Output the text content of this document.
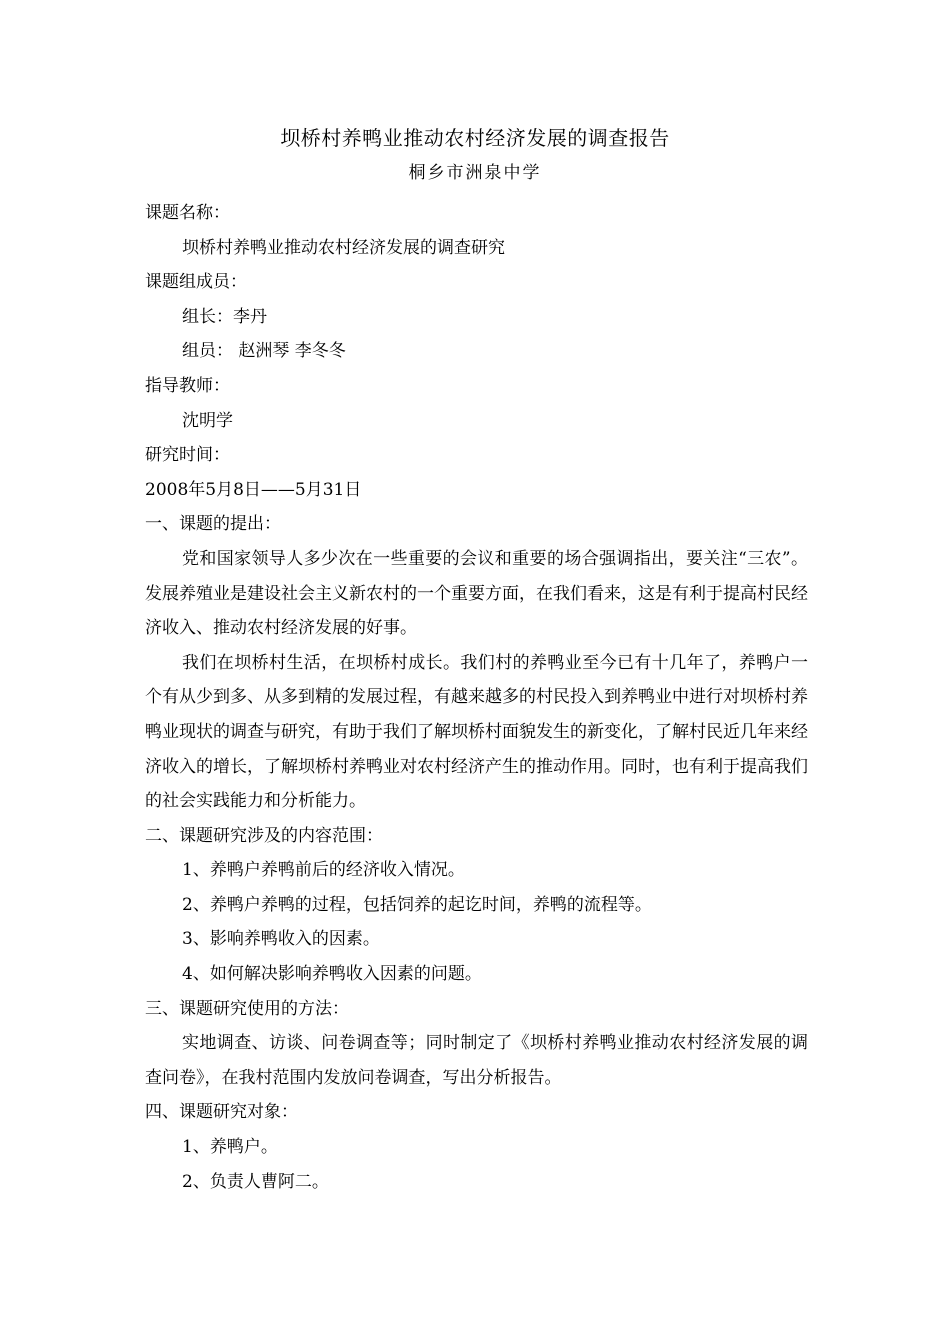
坝桥村养鸭业推动农村经济发展的调查报告
桐乡市洲泉中学
课题名称：
坝桥村养鸭业推动农村经济发展的调查研究
课题组成员：
组长：李丹
组员： 赵洲琴 李冬冬
指导教师：
沈明学
研究时间：
2008年5月8日——5月31日
一、课题的提出：

党和国家领导人多少次在一些重要的会议和重要的场合强调指出，要关注“三农”。发展养殖业是建设社会主义新农村的一个重要方面，在我们看来，这是有利于提高村民经济收入、推动农村经济发展的好事。

我们在坝桥村生活，在坝桥村成长。我们村的养鸭业至今已有十几年了，养鸭户一个有从少到多、从多到精的发展过程，有越来越多的村民投入到养鸭业中进行对坝桥村养鸭业现状的调查与研究，有助于我们了解坝桥村面貌发生的新变化，了解村民近几年来经济收入的增长，了解坝桥村养鸭业对农村经济产生的推动作用。同时，也有利于提高我们的社会实践能力和分析能力。

二、课题研究涉及的内容范围：
1、养鸭户养鸭前后的经济收入情况。
2、养鸭户养鸭的过程，包括饲养的起讫时间，养鸭的流程等。
3、影响养鸭收入的因素。
4、如何解决影响养鸭收入因素的问题。
三、课题研究使用的方法：

实地调查、访谈、问卷调查等；同时制定了《坝桥村养鸭业推动农村经济发展的调查问卷》，在我村范围内发放问卷调查，写出分析报告。

四、课题研究对象：
1、养鸭户。
2、负责人曹阿二。
